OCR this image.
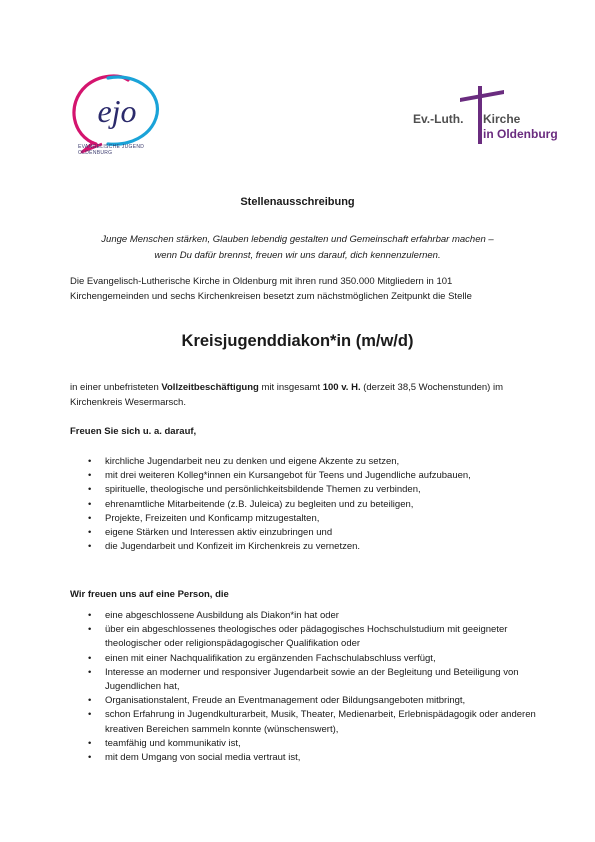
ejo
EVANGELISCHE JUGEND
OLDENBURG
Ev.-Luth. Kirche
in Oldenburg
Stellenausschreibung
Junge Menschen stärken, Glauben lebendig gestalten und Gemeinschaft erfahrbar machen –
wenn Du dafür brennst, freuen wir uns darauf, dich kennenzulernen.
Die Evangelisch-Lutherische Kirche in Oldenburg mit ihren rund 350.000 Mitgliedern in 101 Kirchengemeinden und sechs Kirchenkreisen besetzt zum nächstmöglichen Zeitpunkt die Stelle
Kreisjugenddiakon*in (m/w/d)
in einer unbefristeten Vollzeitbeschäftigung mit insgesamt 100 v. H. (derzeit 38,5 Wochenstunden) im Kirchenkreis Wesermarsch.
Freuen Sie sich u. a. darauf,
• kirchliche Jugendarbeit neu zu denken und eigene Akzente zu setzen,
• mit drei weiteren Kolleg*innen ein Kursangebot für Teens und Jugendliche aufzubauen,
• spirituelle, theologische und persönlichkeitsbildende Themen zu verbinden,
• ehrenamtliche Mitarbeitende (z.B. Juleica) zu begleiten und zu beteiligen,
• Projekte, Freizeiten und Konficamp mitzugestalten,
• eigene Stärken und Interessen aktiv einzubringen und
• die Jugendarbeit und Konfizeit im Kirchenkreis zu vernetzen.
Wir freuen uns auf eine Person, die
• eine abgeschlossene Ausbildung als Diakon*in hat oder
• über ein abgeschlossenes theologisches oder pädagogisches Hochschulstudium mit geeigneter theologischer oder religionspädagogischer Qualifikation oder
• einen mit einer Nachqualifikation zu ergänzenden Fachschulabschluss verfügt,
• Interesse an moderner und responsiver Jugendarbeit sowie an der Begleitung und Beteiligung von Jugendlichen hat,
• Organisationstalent, Freude an Eventmanagement oder Bildungsangeboten mitbringt,
• schon Erfahrung in Jugendkulturarbeit, Musik, Theater, Medienarbeit, Erlebnispädagogik oder anderen kreativen Bereichen sammeln konnte (wünschenswert),
• teamfähig und kommunikativ ist,
• mit dem Umgang von social media vertraut ist,
